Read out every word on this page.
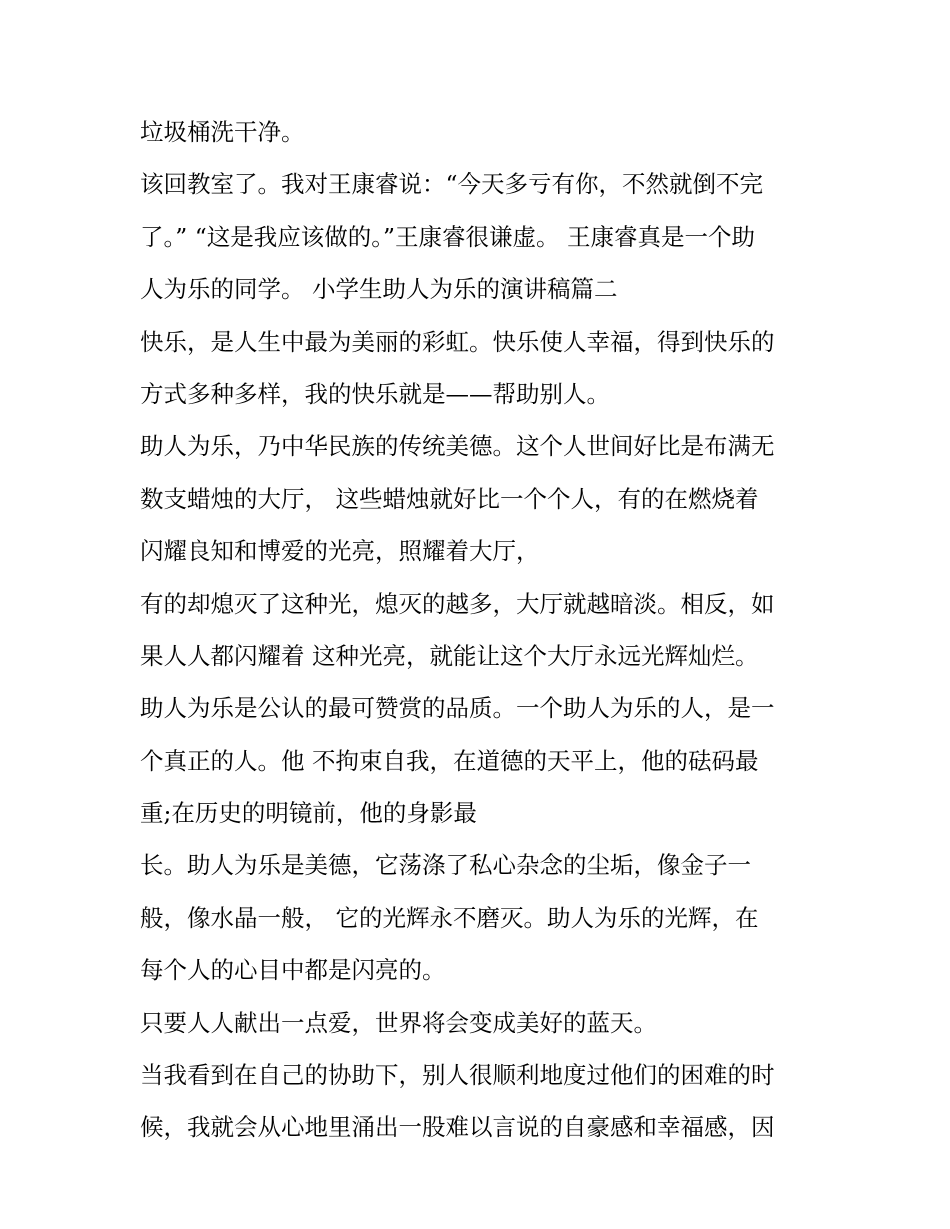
垃圾桶洗干净。
该回教室了。我对王康睿说：“今天多亏有你，不然就倒不完
了。” “这是我应该做的。”王康睿很谦虚。 王康睿真是一个助
人为乐的同学。 小学生助人为乐的演讲稿篇二
快乐，是人生中最为美丽的彩虹。快乐使人幸福，得到快乐的
方式多种多样，我的快乐就是——帮助别人。
助人为乐，乃中华民族的传统美德。这个人世间好比是布满无
数支蜡烛的大厅， 这些蜡烛就好比一个个人，有的在燃烧着
闪耀良知和博爱的光亮，照耀着大厅，
有的却熄灭了这种光，熄灭的越多，大厅就越暗淡。相反，如
果人人都闪耀着 这种光亮，就能让这个大厅永远光辉灿烂。
助人为乐是公认的最可赞赏的品质。一个助人为乐的人，是一
个真正的人。他 不拘束自我，在道德的天平上，他的砝码最
重;在历史的明镜前，他的身影最
长。助人为乐是美德，它荡涤了私心杂念的尘垢，像金子一
般，像水晶一般， 它的光辉永不磨灭。助人为乐的光辉，在
每个人的心目中都是闪亮的。
只要人人献出一点爱，世界将会变成美好的蓝天。
当我看到在自己的协助下，别人很顺利地度过他们的困难的时
候，我就会从心地里涌出一股难以言说的自豪感和幸福感，因
